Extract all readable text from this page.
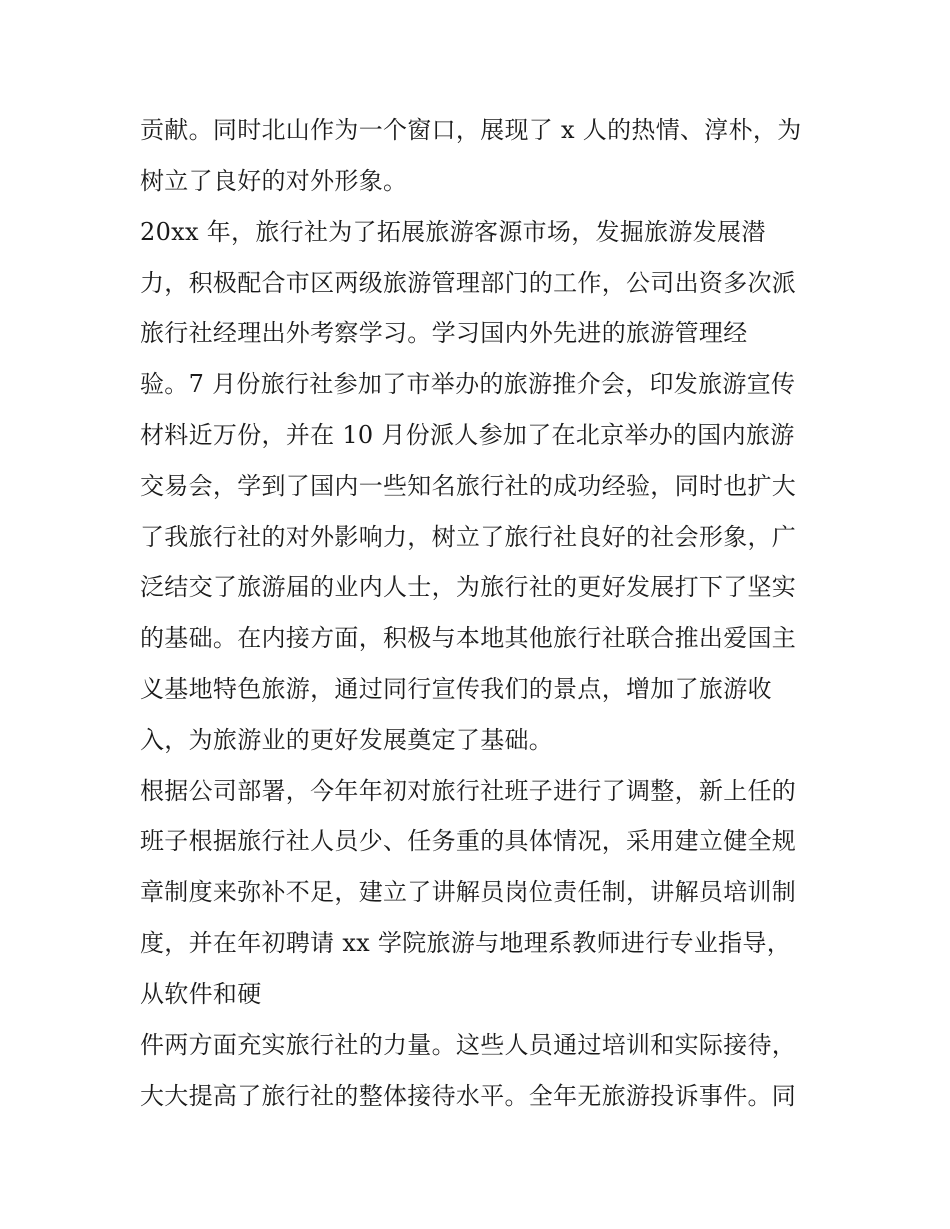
贡献。同时北山作为一个窗口，展现了 x 人的热情、淳朴，为
树立了良好的对外形象。
20xx 年，旅行社为了拓展旅游客源市场，发掘旅游发展潜
力，积极配合市区两级旅游管理部门的工作，公司出资多次派
旅行社经理出外考察学习。学习国内外先进的旅游管理经
验。7 月份旅行社参加了市举办的旅游推介会，印发旅游宣传
材料近万份，并在 10 月份派人参加了在北京举办的国内旅游
交易会，学到了国内一些知名旅行社的成功经验，同时也扩大
了我旅行社的对外影响力，树立了旅行社良好的社会形象，广
泛结交了旅游届的业内人士，为旅行社的更好发展打下了坚实
的基础。在内接方面，积极与本地其他旅行社联合推出爱国主
义基地特色旅游，通过同行宣传我们的景点，增加了旅游收
入，为旅游业的更好发展奠定了基础。
根据公司部署，今年年初对旅行社班子进行了调整，新上任的
班子根据旅行社人员少、任务重的具体情况，采用建立健全规
章制度来弥补不足，建立了讲解员岗位责任制，讲解员培训制
度，并在年初聘请 xx 学院旅游与地理系教师进行专业指导，
从软件和硬
件两方面充实旅行社的力量。这些人员通过培训和实际接待，
大大提高了旅行社的整体接待水平。全年无旅游投诉事件。同
